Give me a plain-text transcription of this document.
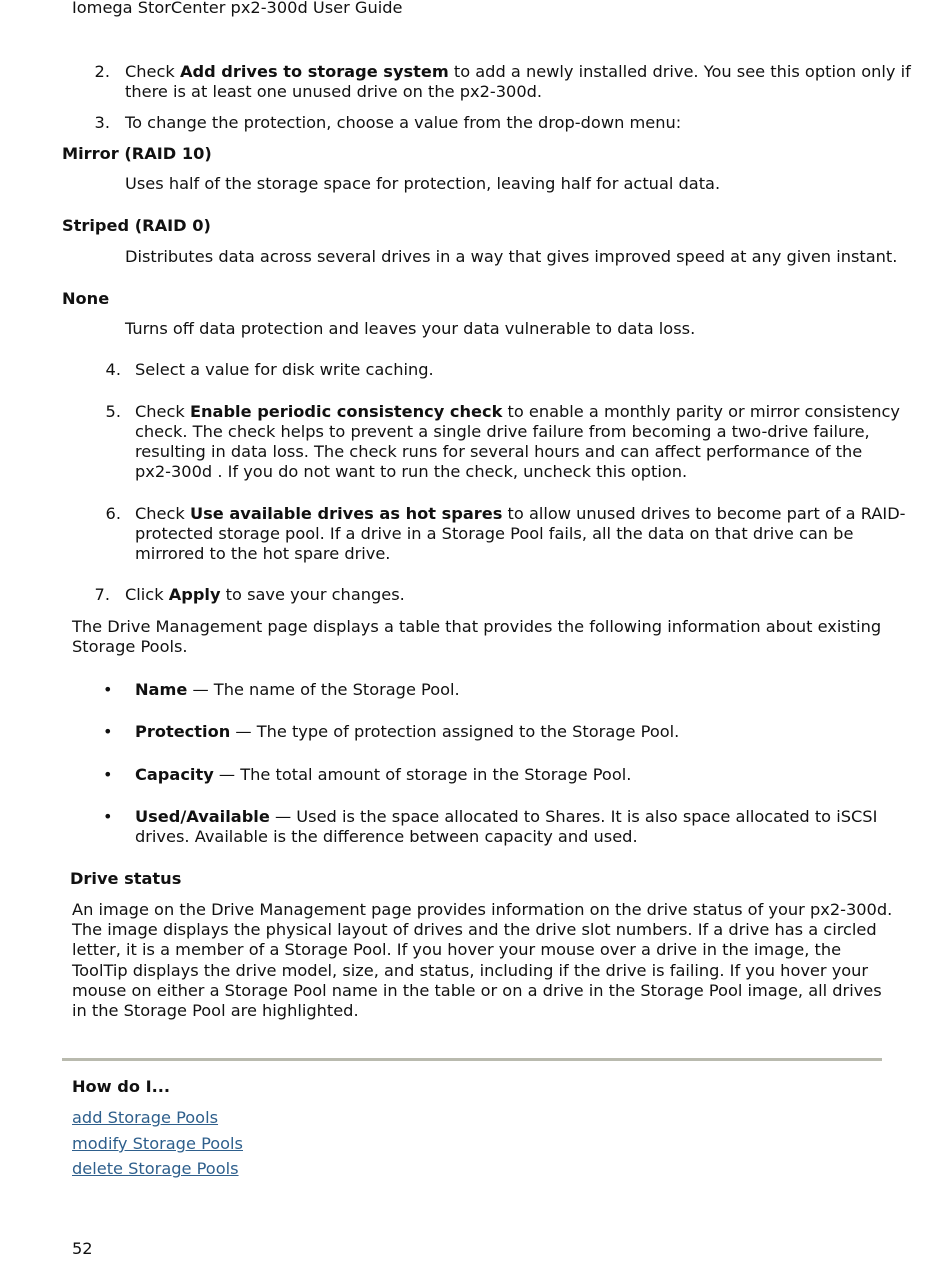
Iomega StorCenter px2-300d User Guide
2. Check Add drives to storage system to add a newly installed drive. You see this option only if
there is at least one unused drive on the px2-300d.
3. To change the protection, choose a value from the drop-down menu:
Mirror (RAID 10)
Uses half of the storage space for protection, leaving half for actual data.
Striped (RAID 0)
Distributes data across several drives in a way that gives improved speed at any given instant.
None
Turns off data protection and leaves your data vulnerable to data loss.
4. Select a value for disk write caching.
5. Check Enable periodic consistency check to enable a monthly parity or mirror consistency
check. The check helps to prevent a single drive failure from becoming a two-drive failure,
resulting in data loss. The check runs for several hours and can affect performance of the
px2-300d . If you do not want to run the check, uncheck this option.
6. Check Use available drives as hot spares to allow unused drives to become part of a RAID-
protected storage pool. If a drive in a Storage Pool fails, all the data on that drive can be
mirrored to the hot spare drive.
7. Click Apply to save your changes.
The Drive Management page displays a table that provides the following information about existing
Storage Pools.
• Name — The name of the Storage Pool.
• Protection — The type of protection assigned to the Storage Pool.
• Capacity — The total amount of storage in the Storage Pool.
• Used/Available — Used is the space allocated to Shares. It is also space allocated to iSCSI
drives. Available is the difference between capacity and used.
Drive status
An image on the Drive Management page provides information on the drive status of your px2-300d.
The image displays the physical layout of drives and the drive slot numbers. If a drive has a circled
letter, it is a member of a Storage Pool. If you hover your mouse over a drive in the image, the
ToolTip displays the drive model, size, and status, including if the drive is failing. If you hover your
mouse on either a Storage Pool name in the table or on a drive in the Storage Pool image, all drives
in the Storage Pool are highlighted.
How do I...
add Storage Pools
modify Storage Pools
delete Storage Pools
52
